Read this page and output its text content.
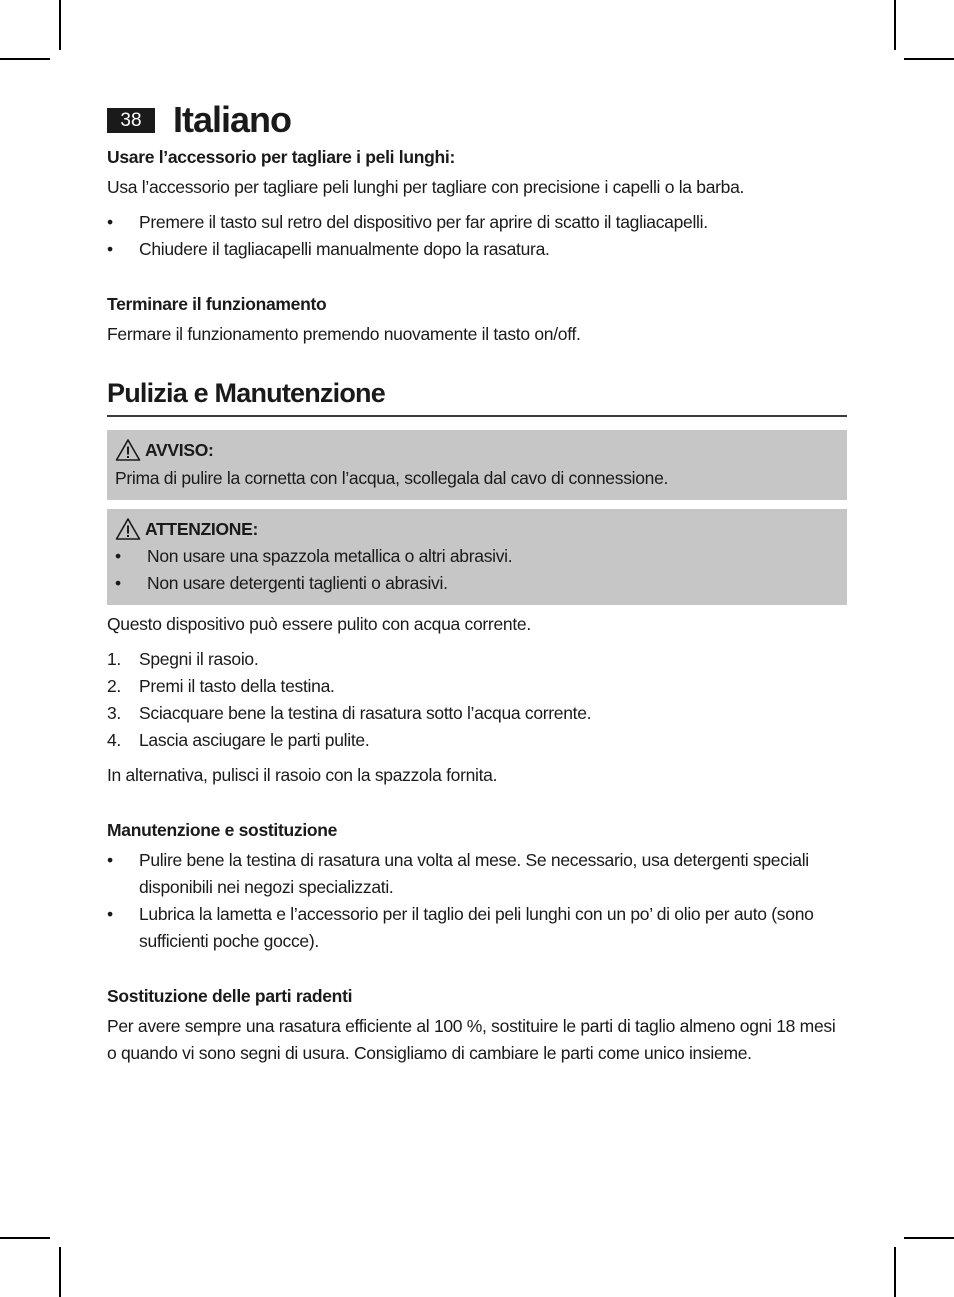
38 Italiano
Usare l’accessorio per tagliare i peli lunghi:

Usa l’accessorio per tagliare peli lunghi per tagliare con precisione i capelli o la barba.

• Premere il tasto sul retro del dispositivo per far aprire di scatto il tagliacapelli.
• Chiudere il tagliacapelli manualmente dopo la rasatura.
Terminare il funzionamento

Fermare il funzionamento premendo nuovamente il tasto on/off.

Pulizia e Manutenzione
AVVISO:

Prima di pulire la cornetta con l’acqua, scollegala dal cavo di connessione.

ATTENZIONE:
• Non usare una spazzola metallica o altri abrasivi.
• Non usare detergenti taglienti o abrasivi.

Questo dispositivo può essere pulito con acqua corrente.

1. Spegni il rasoio.
2. Premi il tasto della testina.
3. Sciacquare bene la testina di rasatura sotto l’acqua corrente.
4. Lascia asciugare le parti pulite.

In alternativa, pulisci il rasoio con la spazzola fornita.

Manutenzione e sostituzione
• Pulire bene la testina di rasatura una volta al mese. Se necessario, usa detergenti speciali disponibili nei negozi specializzati.
• Lubrica la lametta e l’accessorio per il taglio dei peli lunghi con un po’ di olio per auto (sono sufficienti poche gocce).
Sostituzione delle parti radenti

Per avere sempre una rasatura efficiente al 100 %, sostituire le parti di taglio almeno ogni 18 mesi o quando vi sono segni di usura. Consigliamo di cambiare le parti come unico insieme.
